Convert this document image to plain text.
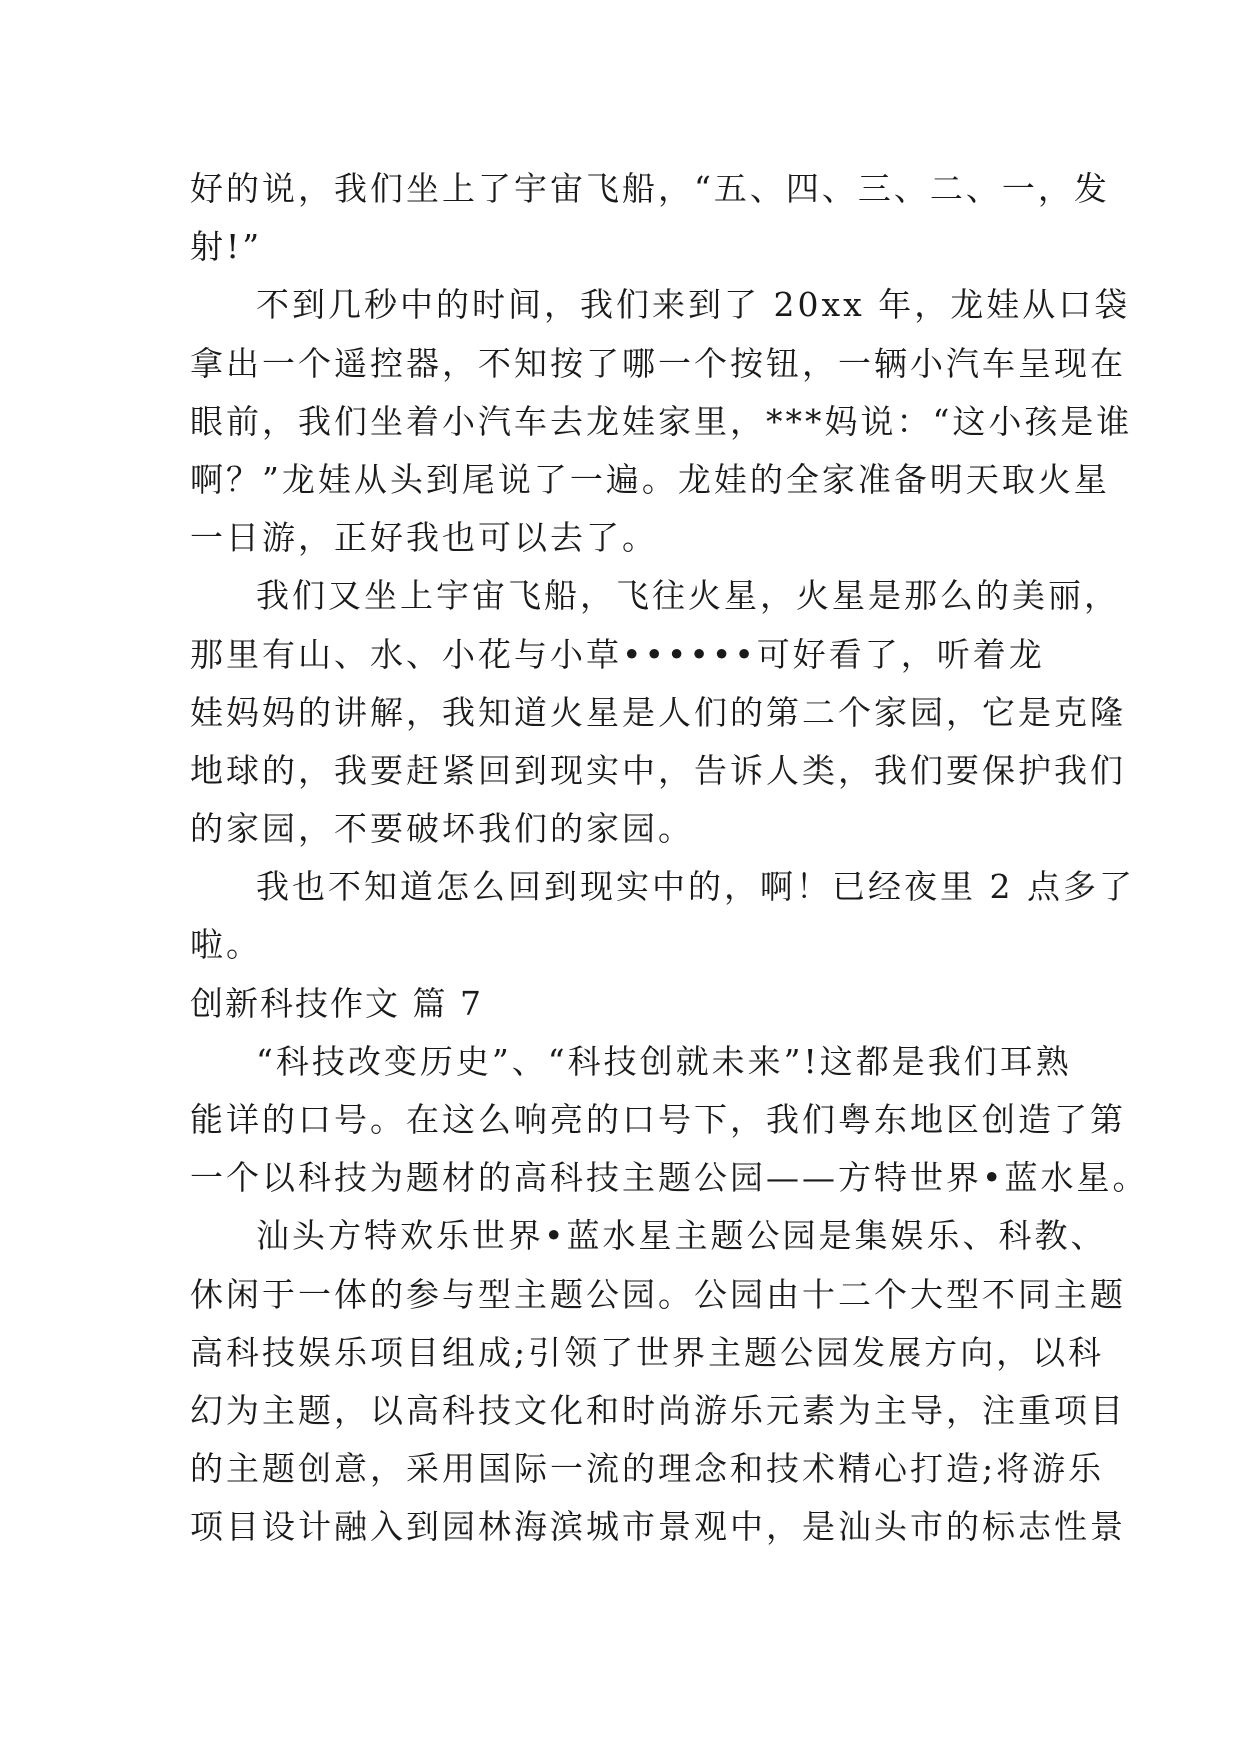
好的说，我们坐上了宇宙飞船，“五、四、三、二、一，发
射!”
不到几秒中的时间，我们来到了 20xx 年，龙娃从口袋
拿出一个遥控器，不知按了哪一个按钮，一辆小汽车呈现在
眼前，我们坐着小汽车去龙娃家里，***妈说：“这小孩是谁
啊？”龙娃从头到尾说了一遍。龙娃的全家准备明天取火星
一日游，正好我也可以去了。
我们又坐上宇宙飞船，飞往火星，火星是那么的美丽，
那里有山、水、小花与小草••••••可好看了，听着龙
娃妈妈的讲解，我知道火星是人们的第二个家园，它是克隆
地球的，我要赶紧回到现实中，告诉人类，我们要保护我们
的家园，不要破坏我们的家园。
我也不知道怎么回到现实中的，啊！已经夜里 2 点多了
啦。
创新科技作文 篇 7
“科技改变历史”、“科技创就未来”!这都是我们耳熟
能详的口号。在这么响亮的口号下，我们粤东地区创造了第
一个以科技为题材的高科技主题公园——方特世界•蓝水星。
汕头方特欢乐世界•蓝水星主题公园是集娱乐、科教、
休闲于一体的参与型主题公园。公园由十二个大型不同主题
高科技娱乐项目组成;引领了世界主题公园发展方向，以科
幻为主题，以高科技文化和时尚游乐元素为主导，注重项目
的主题创意，采用国际一流的理念和技术精心打造;将游乐
项目设计融入到园林海滨城市景观中，是汕头市的标志性景
